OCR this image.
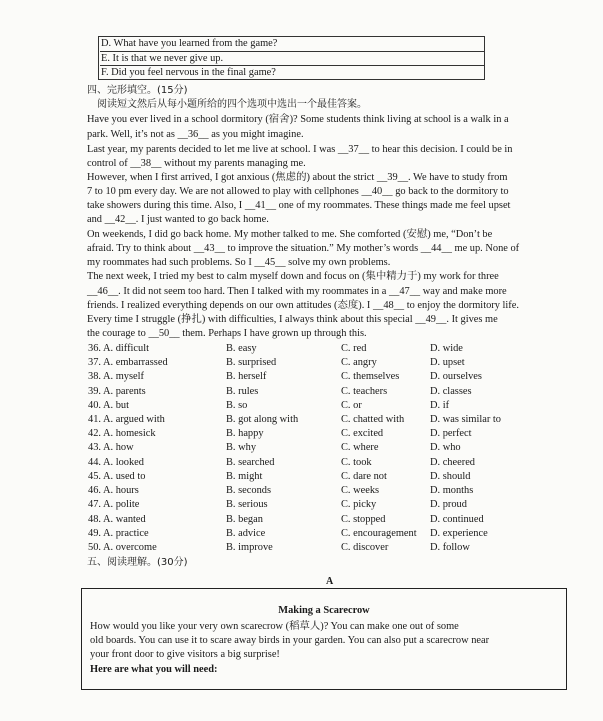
D. What have you learned from the game?
E. It is that we never give up.
F. Did you feel nervous in the final game?
四、完形填空。(15分)
阅读短文然后从每小题所给的四个选项中选出一个最佳答案。
Have you ever lived in a school dormitory (宿舍)? Some students think living at school is a walk in a
park. Well, it’s not as __36__ as you might imagine.
Last year, my parents decided to let me live at school. I was __37__ to hear this decision. I could be in
control of __38__ without my parents managing me.
However, when I first arrived, I got anxious (焦虑的) about the strict __39__. We have to study from
7 to 10 pm every day. We are not allowed to play with cellphones __40__ go back to the dormitory to
take showers during this time. Also, I __41__ one of my roommates. These things made me feel upset
and __42__. I just wanted to go back home.
On weekends, I did go back home. My mother talked to me. She comforted (安慰) me, “Don’t be
afraid. Try to think about __43__ to improve the situation.” My mother’s words __44__ me up. None of
my roommates had such problems. So I __45__ solve my own problems.
The next week, I tried my best to calm myself down and focus on (集中精力于) my work for three
__46__. It did not seem too hard. Then I talked with my roommates in a __47__ way and make more
friends. I realized everything depends on our own attitudes (态度). I __48__ to enjoy the dormitory life.
Every time I struggle (挣扎) with difficulties, I always think about this special __49__. It gives me
the courage to __50__ them. Perhaps I have grown up through this.
36. A. difficult	B. easy	C. red	D. wide
37. A. embarrassed	B. surprised	C. angry	D. upset
38. A. myself	B. herself	C. themselves	D. ourselves
39. A. parents	B. rules	C. teachers	D. classes
40. A. but	B. so	C. or	D. if
41. A. argued with	B. got along with	C. chatted with D. was similar to
42. A. homesick	B. happy	C. excited	D. perfect
43. A. how	B. why	C. where	D. who
44. A. looked	B. searched	C. took	D. cheered
45. A. used to	B. might	C. dare not	D. should
46. A. hours	B. seconds	C. weeks	D. months
47. A. polite	B. serious	C. picky	D. proud
48. A. wanted	B. began	C. stopped	D. continued
49. A. practice	B. advice	C. encouragement D. experience
50. A. overcome	B. improve	C. discover	D. follow
五、阅读理解。(30分)
A
Making a Scarecrow
How would you like your very own scarecrow (稻草人)? You can make one out of some
old boards. You can use it to scare away birds in your garden. You can also put a scarecrow near
your front door to give visitors a big surprise!
Here are what you will need:
